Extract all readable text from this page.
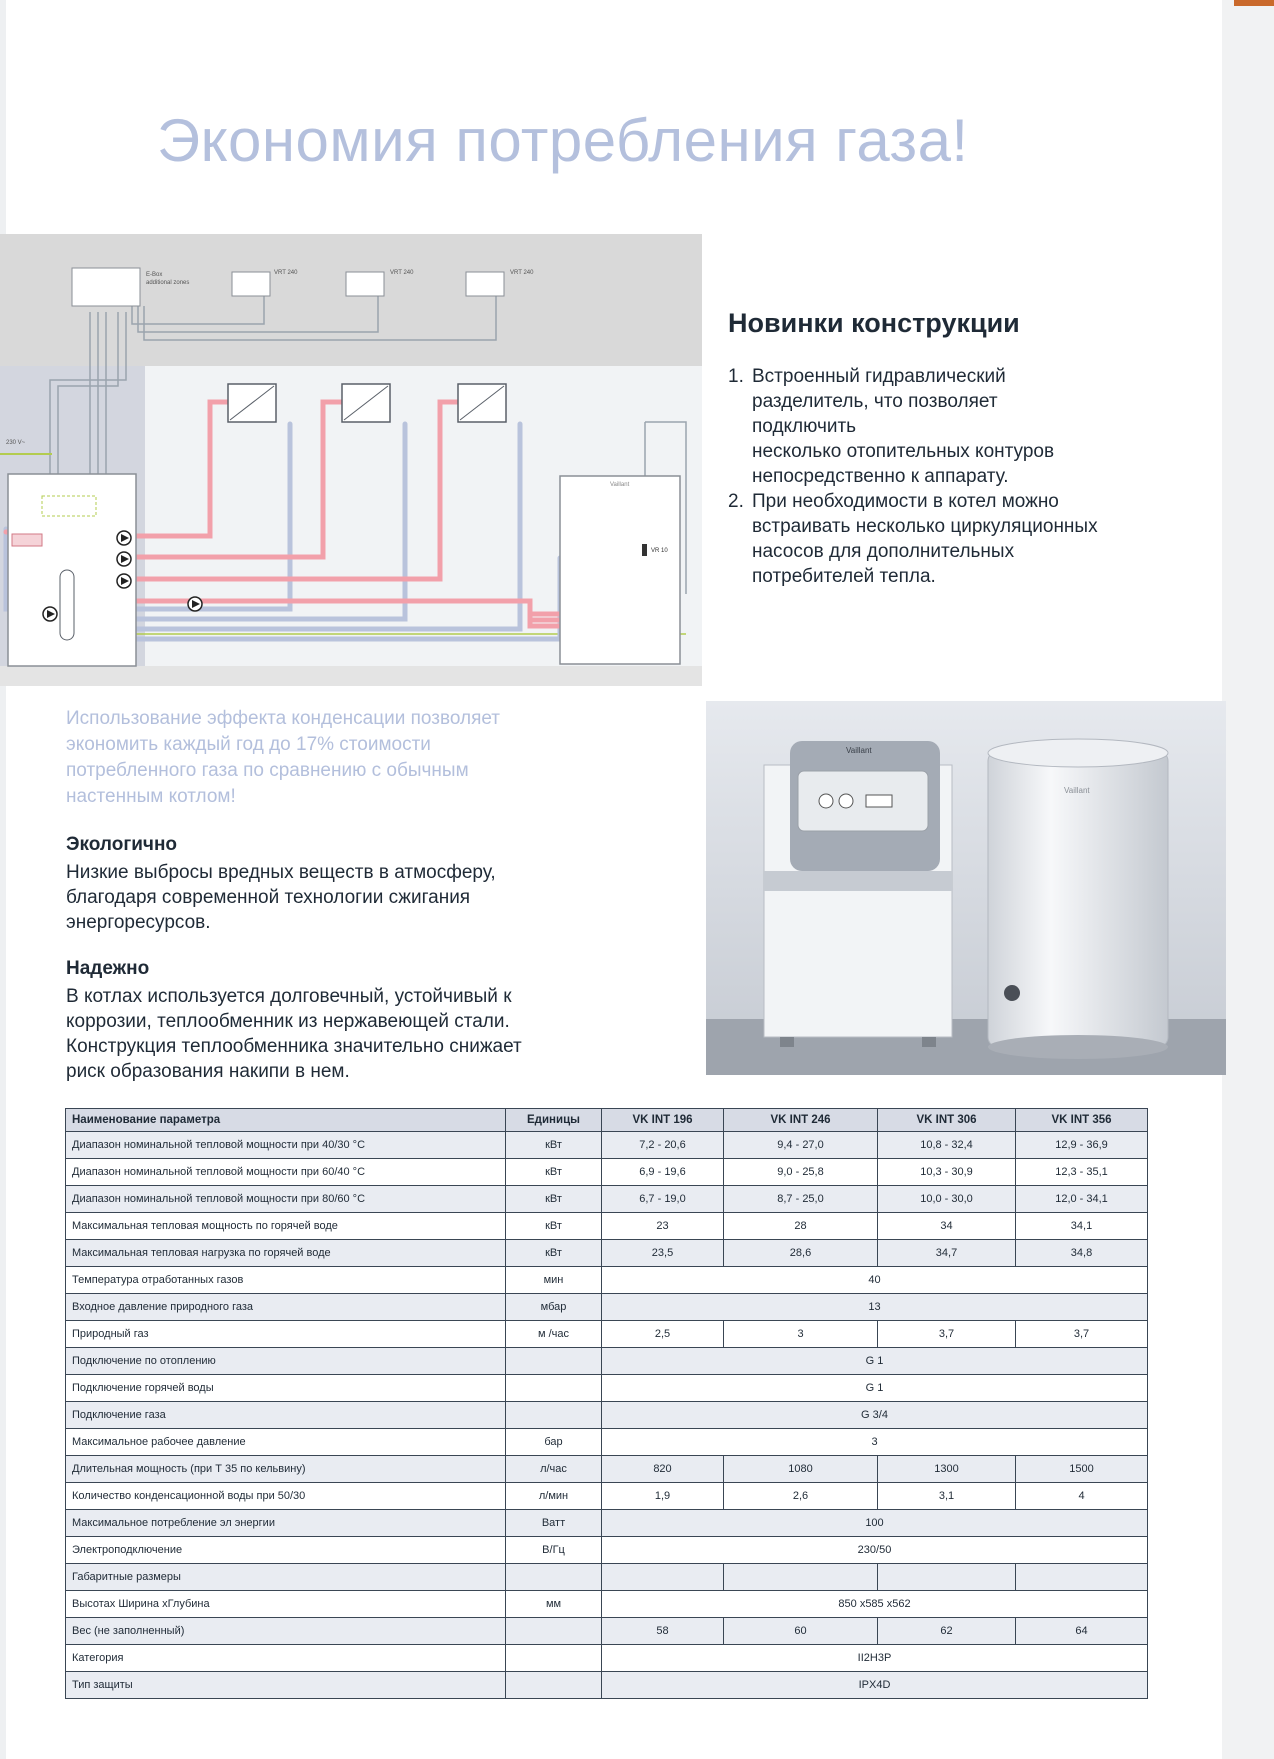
Экономия потребления газа!
E-Box
additional zones
VRT 240	VRT 240	VRT 240
230 V~
Vaillant
VR 10
Новинки конструкции
1. Встроенный гидравлический
разделитель, что позволяет
подключить
несколько отопительных контуров
непосредственно к аппарату.
2. При необходимости в котел можно
встраивать несколько циркуляционных
насосов для дополнительных
потребителей тепла.

Использование эффекта конденсации позволяет
экономить каждый год до 17% стоимости
потребленного газа по сравнению с обычным
настенным котлом!

Экологично

Низкие выбросы вредных веществ в атмосферу,
благодаря современной технологии сжигания
энергоресурсов.

Надежно

В котлах используется долговечный, устойчивый к
коррозии, теплообменник из нержавеющей стали.
Конструкция теплообменника значительно снижает
риск образования накипи в нем.

Vaillant
Vaillant
Наименование параметра	Единицы	VK INT 196	VK INT 246	VK INT 306	VK INT 356
Диапазон номинальной тепловой мощности при 40/30 °С	кВт	7,2 - 20,6	9,4 - 27,0	10,8 - 32,4	12,9 - 36,9
Диапазон номинальной тепловой мощности при 60/40 °С	кВт	6,9 - 19,6	9,0 - 25,8	10,3 - 30,9	12,3 - 35,1
Диапазон номинальной тепловой мощности при 80/60 °С	кВт	6,7 - 19,0	8,7 - 25,0	10,0 - 30,0	12,0 - 34,1
Максимальная тепловая мощность по горячей воде	кВт	23	28	34	34,1
Максимальная тепловая нагрузка по горячей воде	кВт	23,5	28,6	34,7	34,8
Температура отработанных газов	мин	40			
Входное давление природного газа	мбар	13			
Природный газ	м /час	2,5	3	3,7	3,7
Подключение по отоплению		G 1			
Подключение горячей воды		G 1			
Подключение газа		G 3/4			
Максимальное рабочее давление	бар	3			
Длительная мощность (при Т 35 по кельвину)	л/час	820	1080	1300	1500
Количество конденсационной воды при 50/30	л/мин	1,9	2,6	3,1	4
Максимальное потребление эл энергии	Ватт	100			
Электроподключение	В/Гц	230/50			
Габаритные размеры					
Высотах Ширина хГлубина	мм	850 x585 x562			
Вес (не заполненный)		58	60	62	64
Категория		II2H3P			
Тип защиты		IPX4D			
